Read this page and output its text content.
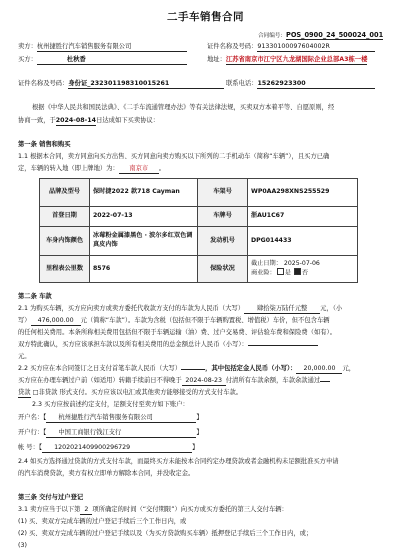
二手车销售合同
合同编号：POS_0900_24_500024_001
卖方：杭州捷胜行汽车销售服务有限公司	证件名称及号码：91330100097604002R
买方：	杜秋香	地址：江苏省南京市江宁区九龙湖国际企业总部A3栋一楼
证件名称及号码：身份证_232301198310015261	联系电话：15262923300
根据《中华人民共和国民法典》、《二手车流通管理办法》等有关法律法规，买卖双方本着平等、自愿原则，经
协商一致，于2024-08-14日达成如下买卖协议：
第一条 销售和购买
1.1 根据本合同，卖方同意向买方出售、买方同意向卖方购买以下所列的二手机动车（简称“车辆”），且买方已确
定，车辆的转入地（即上牌地）为： 南京市 。
品牌及型号	保时捷2022 款718 Cayman	车架号	WP0AA298XNS255529
首登日期	2022-07-13	车牌号	浙AU1C67
车身内饰颜色	冰莓粉金属漆黑色 · 波尔多红双色调真皮内饰	发动机号	DPG014433
里程表公里数	8576	保险状况	截止日期： 2025-07-06
商业险： 是 否
第二条 车款
2.1 为购买车辆，买方应向卖方或卖方委托代收款方支付的车款为人民币（大写） 肆拾柒万陆仟元整 元，（小
写） 476,000.00 元（简称“车款”）。车款为含税（包括但不限于车辆购置税、增值税）车价，但不包含车辆
的任何相关费用。本条所称相关费用包括但不限于车辆运输（油）费、过户交易费、评估验车费和保险费（如有）。
双方特此确认，买方应该承担车款以及所有相关费用的总金额总计人民币（小写）：
元。
2.2 买方应在本合同签订之日支付首笔车款人民币（大写）	，其中包括定金人民币（小写）： 20,000.00 元，
买方应在办理车辆过户前（如适用）转籍手续前日不得晚于 2024-08-23 付清所有车款余额，车款余款通过
贷款 □非贷款 形式支付。买方应该以电汇或其他卖方能够接受的方式支付车款。
2.3 买方应按前述约定支付，足额支付至卖方如下账户：
开户名：【 杭州捷胜行汽车销售服务有限公司	】
开户行：【 中国工商银行钱江支行	】
帐 号：【 1202021409900296729	】
2.4 如买方选择通过贷款的方式支付车款，而最终买方未能按本合同约定办理贷款或者金融机构未足额批准买方申请
的汽车消费贷款，卖方有权立即单方解除本合同，并没收定金。
第三条 交付与过户登记
3.1 卖方应当于以下第 2 项所确定的时间（“交付期限”）向买方或买方委托的第三人交付车辆：
(1) 买、卖双方完成车辆的过户登记手续后三个工作日内，或
(2) 买、卖双方完成车辆的过户登记手续以及（为买方贷款购买车辆）抵押登记手续后三个工作日内，或；
(3)
